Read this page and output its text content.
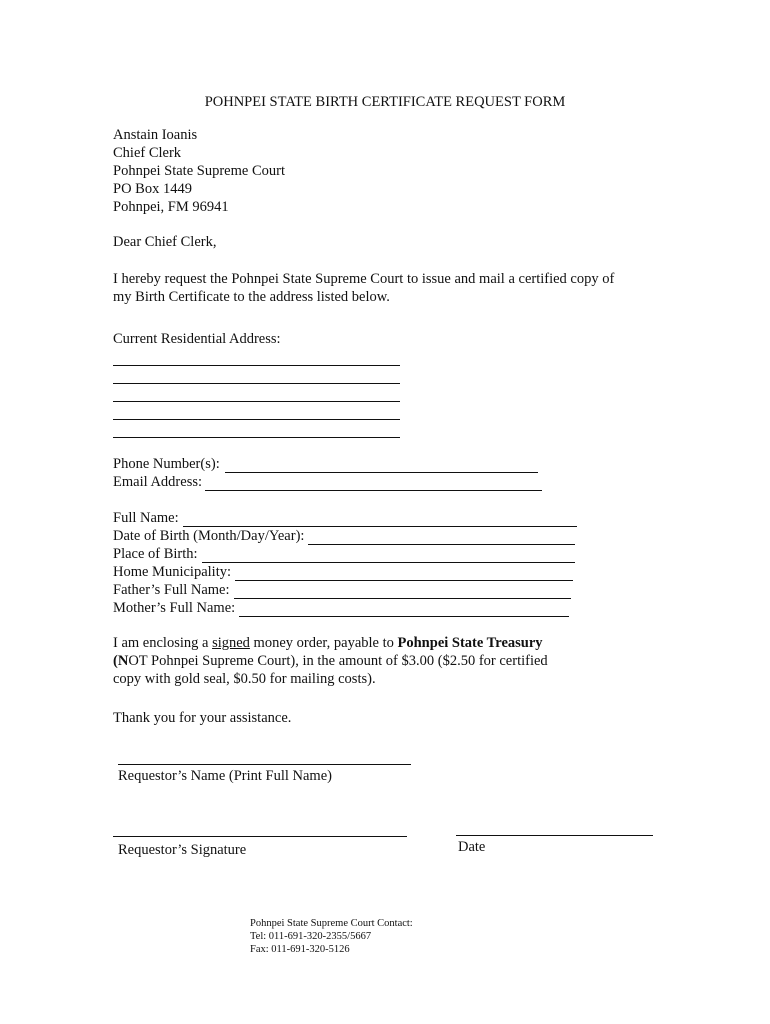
POHNPEI STATE BIRTH CERTIFICATE REQUEST FORM
Anstain Ioanis
Chief Clerk
Pohnpei State Supreme Court
PO Box 1449
Pohnpei, FM 96941
Dear Chief Clerk,
I hereby request the Pohnpei State Supreme Court to issue and mail a certified copy of
my Birth Certificate to the address listed below.
Current Residential Address:
Phone Number(s):
Email Address:
Full Name:
Date of Birth (Month/Day/Year):
Place of Birth:
Home Municipality:
Father’s Full Name:
Mother’s Full Name:
I am enclosing a signed money order, payable to Pohnpei State Treasury
(NOT Pohnpei Supreme Court), in the amount of $3.00 ($2.50 for certified
copy with gold seal, $0.50 for mailing costs).
Thank you for your assistance.
Requestor’s Name (Print Full Name)
Requestor’s Signature	Date
Pohnpei State Supreme Court Contact:
Tel: 011-691-320-2355/5667
Fax: 011-691-320-5126
